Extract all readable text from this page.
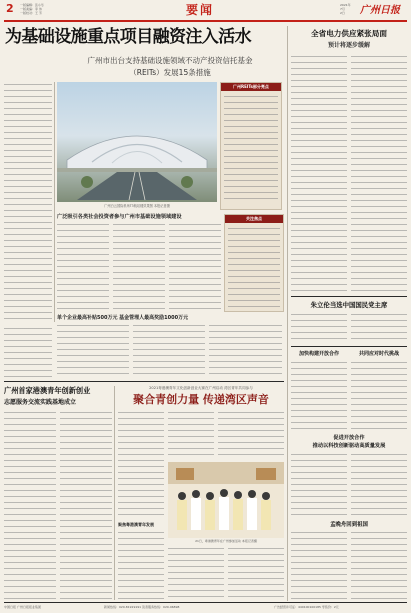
2 一版编辑：张小乐
一版美编：李 伟
一版校对：王 芳	要闻	2021年
7月
2日	广州日报
为基础设施重点项目融资注入活水
广州市出台支持基础设施领域不动产投资信托基金
（REITs）发展15条措施
广州白云国际机场T3航站楼效果图 本报记者摄
广州REITs部分亮点
广泛吸引各类社会投资者参与广州市基础设施领域建设	关注焦点
单个企业最高补贴500万元 基金管理人最高奖励1000万元
广州首家港澳青年创新创业
志愿服务交流实践基地成立
2021粤港澳青年文化创新创业大赛在广州启动 湾区青年共同参与
聚合青创力量 传递湾区声音
21日，粤港澳青年在广州参加活动 本报记者摄
聚焦粤港澳青年发展
全省电力供应紧张局面
预计将逐步缓解
朱立伦当选中国国民党主席
加快构建开放合作	共同应对时代挑战
促进开放合作
推动以科技创新驱动高质量发展
孟晚舟回到祖国
中国日报 广州日报报业集团	新闻热线：020-81919191 读者服务热线：020-96898	广告经营许可证：440100100185 零售价：2元
